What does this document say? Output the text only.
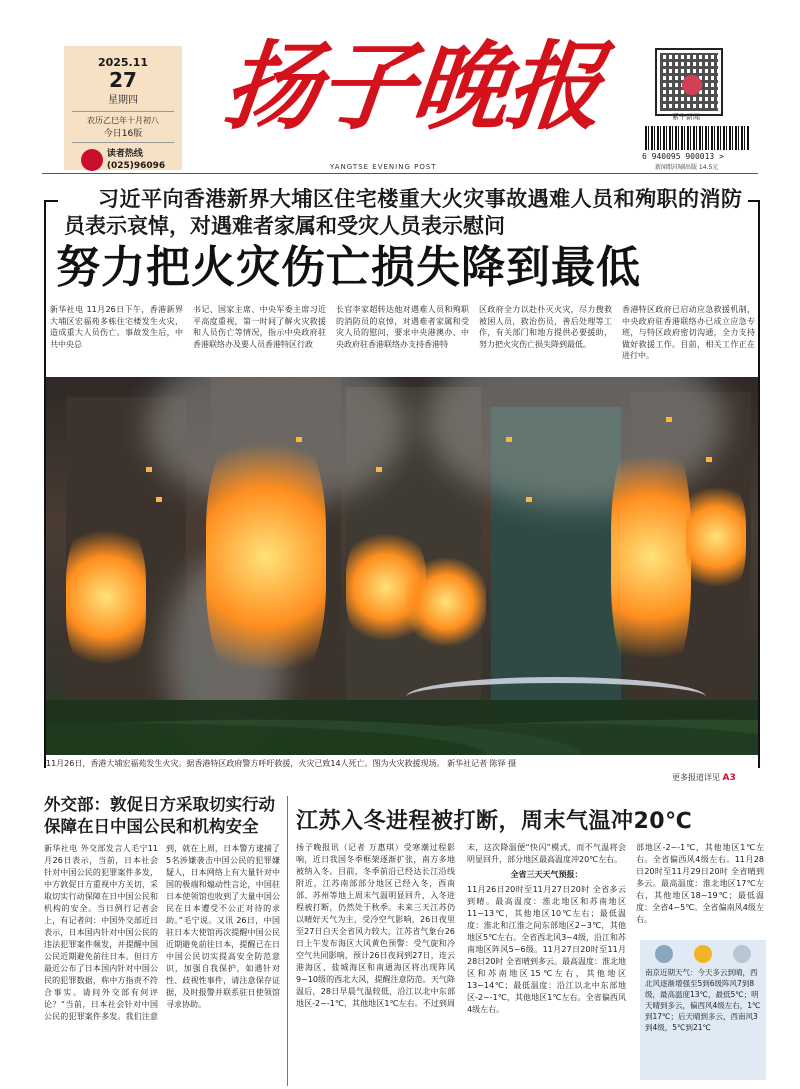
2025.11
27
星期四
农历乙巳年十月初八
今日16版
读者热线
(025)96096
扬子晚报
YANGTSE EVENING POST
紫牛新闻
6 940095 900013 >
新闻纸印刷出版 14.5元
习近平向香港新界大埔区住宅楼重大火灾事故遇难人员和殉职的消防员表示哀悼，对遇难者家属和受灾人员表示慰问
努力把火灾伤亡损失降到最低
新华社电 11月26日下午，香港新界大埔区宏福苑多栋住宅楼发生火灾，造成重大人员伤亡。事故发生后，中共中央总
书记、国家主席、中央军委主席习近平高度重视，第一时间了解火灾救援和人员伤亡等情况，指示中央政府驻香港联络办及要人员香港特区行政
长官李家超转达他对遇难人员和殉职的消防员的哀悼，对遇难者家属和受灾人员的慰问，要求中央港澳办、中央政府驻香港联络办支持香港特
区政府全力以赴扑灭火灾，尽力搜救被困人员，救治伤员，善后处理等工作，有关部门和地方提供必要援助，努力把火灾伤亡损失降到最低。
香港特区政府已启动应急救援机制，中央政府驻香港联络办已成立应急专班，与特区政府密切沟通，全力支持做好救援工作。目前，相关工作正在进行中。
11月26日，香港大埔宏福苑发生火灾。据香港特区政府警方呼吁救援，火灾已致14人死亡。图为火灾救援现场。 新华社记者 陈铎 摄
更多报道详见 A3
外交部：敦促日方采取切实行动
保障在日中国公民和机构安全
新华社电 外交部发言人毛宁11月26日表示，当前，日本社会针对中国公民的犯罪案件多发，中方敦促日方重视中方关切，采取切实行动保障在日中国公民和机构的安全。当日例行记者会上，有记者问：中国外交部近日表示，日本国内针对中国公民的违法犯罪案件频发，并提醒中国公民近期避免前往日本。但日方最近公布了日本国内针对中国公民的犯罪数据，称中方指责不符合事实。请问外交部有何评论？“当前，日本社会针对中国公民的犯罪案件多发。我们注意到，就在上周，日本警方逮捕了5名涉嫌袭击中国公民的犯罪嫌疑人，日本网络上有大量针对中国的极端和煽动性言论，中国驻日本使领馆也收到了大量中国公民在日本遭受不公正对待的求助。”毛宁说。又讯 26日，中国驻日本大使馆再次提醒中国公民近期避免前往日本，提醒已在日中国公民切实提高安全防范意识，加强自我保护，如遇针对性、歧视性事件，请注意保存证据，及时报警并联系驻日使领馆寻求协助。
江苏入冬进程被打断，周末气温冲20℃
扬子晚报讯（记者 万惠琪）受寒潮过程影响，近日我国冬季框架逐渐扩张，南方多地被纳入冬。目前，冬季前沿已经达长江沿线附近，江苏南部部分地区已经入冬，西南部、苏州等地上周末气温明显回升，入冬进程被打断，仍然处于秋季。未来三天江苏仍以晴好天气为主，受冷空气影响，26日夜里至27日白天全省风力较大，江苏省气象台26日上午发布海区大风黄色预警：受气旋和冷空气共同影响，预计26日夜间到27日，连云港海区、盐城海区和南通海区将出现阵风9~10级的西北大风，提醒注意防范。天气降温后，28日早晨气温较低，沿江以北中东部地区-2~-1℃，其他地区1℃左右。不过到周末，这次降温便“快闪”模式，而不气温将会明显回升，部分地区最高温度冲20℃左右。
全省三天天气预报：
11月26日20时至11月27日20时 全省多云到晴。最高温度：淮北地区和苏南地区11~13℃，其他地区10℃左右；最低温度：淮北和江淮之间东部地区2~3℃，其他地区5℃左右。全省西北风3~4级，沿江和苏南地区阵风5~6级。11月27日20时至11月28日20时 全省晴到多云。最高温度：淮北地区和苏南地区15℃左右，其他地区13~14℃；最低温度：沿江以北中东部地区-2~-1℃，其他地区1℃左右。全省偏西风4级左右。
部地区-2~-1℃，其他地区1℃左右。全省偏西风4级左右。11月28日20时至11月29日20时 全省晴到多云。最高温度：淮北地区17℃左右，其他地区18~19℃；最低温度：全省4~5℃。全省偏南风4级左右。
南京近期天气：今天多云到晴，西北风逐渐增强至5到6级阵风7到8级，最高温度13℃，最低5℃；明天晴到多云，偏西风4级左右，1℃到17℃；后天晴到多云，西南风3到4级，5℃到21℃
